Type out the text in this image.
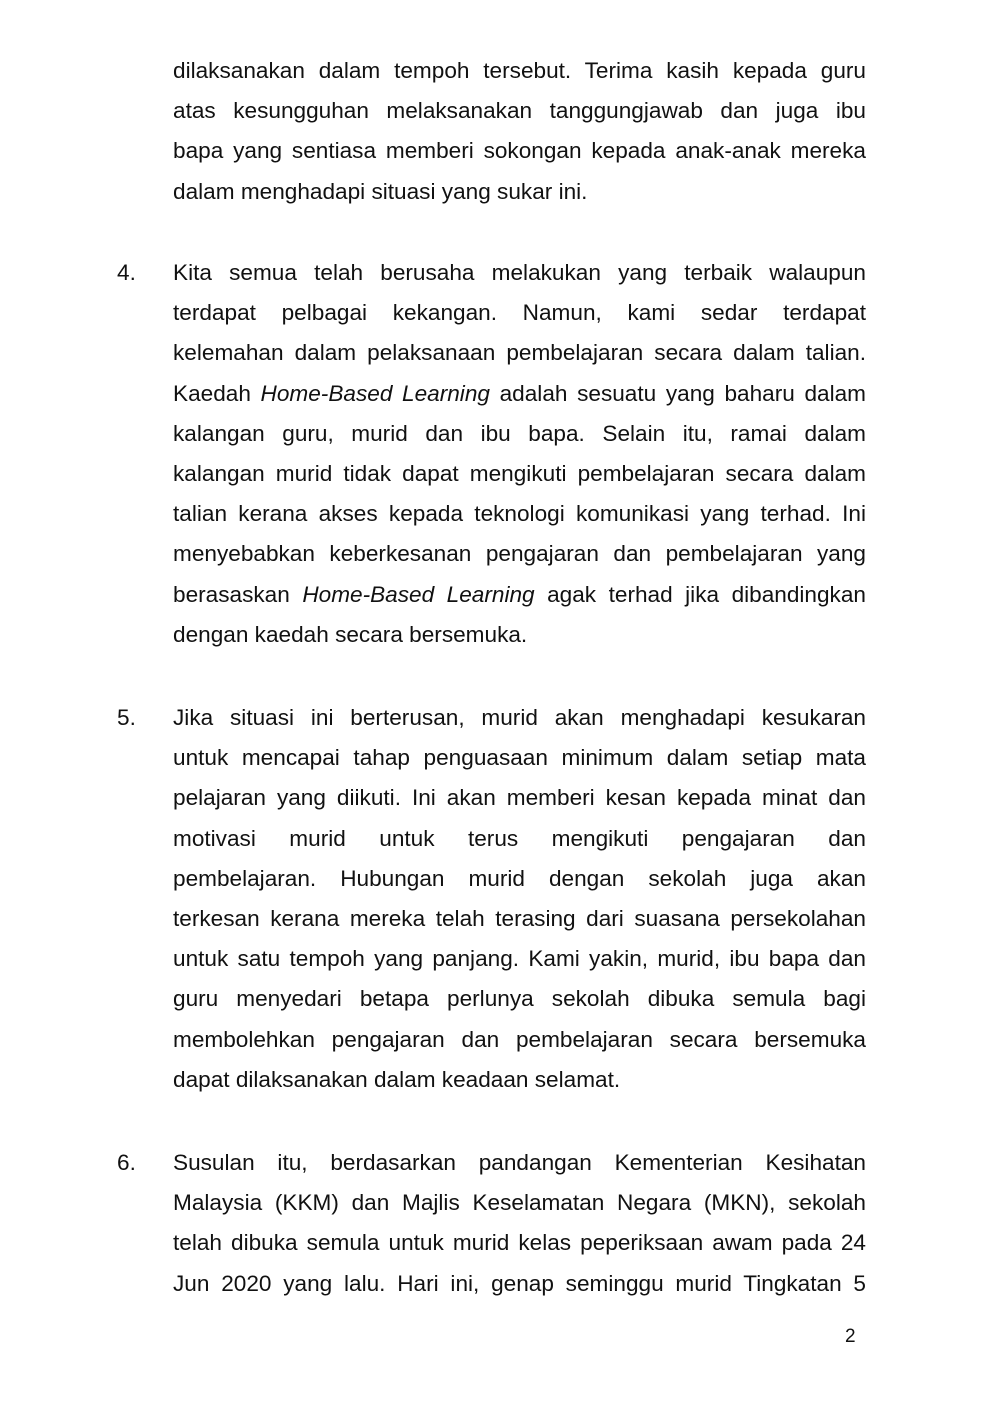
dilaksanakan dalam tempoh tersebut. Terima kasih kepada guru
atas kesungguhan melaksanakan tanggungjawab dan juga ibu
bapa yang sentiasa memberi sokongan kepada anak-anak mereka
dalam menghadapi situasi yang sukar ini.
4. Kita semua telah berusaha melakukan yang terbaik walaupun
terdapat pelbagai kekangan. Namun, kami sedar terdapat
kelemahan dalam pelaksanaan pembelajaran secara dalam talian.
Kaedah Home-Based Learning adalah sesuatu yang baharu dalam
kalangan guru, murid dan ibu bapa. Selain itu, ramai dalam
kalangan murid tidak dapat mengikuti pembelajaran secara dalam
talian kerana akses kepada teknologi komunikasi yang terhad. Ini
menyebabkan keberkesanan pengajaran dan pembelajaran yang
berasaskan Home-Based Learning agak terhad jika dibandingkan
dengan kaedah secara bersemuka.
5. Jika situasi ini berterusan, murid akan menghadapi kesukaran
untuk mencapai tahap penguasaan minimum dalam setiap mata
pelajaran yang diikuti. Ini akan memberi kesan kepada minat dan
motivasi murid untuk terus mengikuti pengajaran dan
pembelajaran. Hubungan murid dengan sekolah juga akan
terkesan kerana mereka telah terasing dari suasana persekolahan
untuk satu tempoh yang panjang. Kami yakin, murid, ibu bapa dan
guru menyedari betapa perlunya sekolah dibuka semula bagi
membolehkan pengajaran dan pembelajaran secara bersemuka
dapat dilaksanakan dalam keadaan selamat.
6. Susulan itu, berdasarkan pandangan Kementerian Kesihatan
Malaysia (KKM) dan Majlis Keselamatan Negara (MKN), sekolah
telah dibuka semula untuk murid kelas peperiksaan awam pada 24
Jun 2020 yang lalu. Hari ini, genap seminggu murid Tingkatan 5
2
